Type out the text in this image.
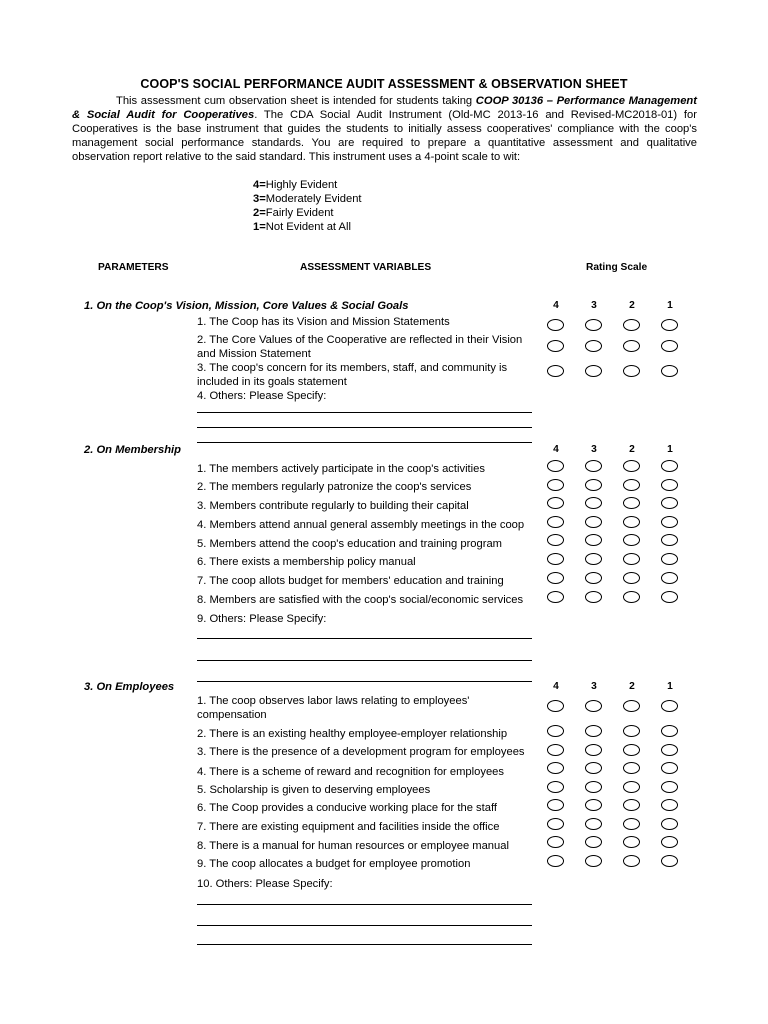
COOP'S SOCIAL PERFORMANCE AUDIT ASSESSMENT & OBSERVATION SHEET
This assessment cum observation sheet is intended for students taking COOP 30136 – Performance Management & Social Audit for Cooperatives. The CDA Social Audit Instrument (Old-MC 2013-16 and Revised-MC2018-01) for Cooperatives is the base instrument that guides the students to initially assess cooperatives' compliance with the coop's management social performance standards. You are required to prepare a quantitative assessment and qualitative observation report relative to the said standard. This instrument uses a 4-point scale to wit:
4=Highly Evident
3=Moderately Evident
2=Fairly Evident
1=Not Evident at All
PARAMETERS	ASSESSMENT VARIABLES	Rating Scale
1. On the Coop's Vision, Mission, Core Values & Social Goals	4	3	2	1
1. The Coop has its Vision and Mission Statements
2. The Core Values of the Cooperative are reflected in their Vision and Mission Statement
3. The coop's concern for its members, staff, and community is included in its goals statement
4. Others: Please Specify:
2. On Membership	4	3	2	1
1. The members actively participate in the coop's activities
2. The members regularly patronize the coop's services
3. Members contribute regularly to building their capital
4. Members attend annual general assembly meetings in the coop
5. Members attend the coop's education and training program
6. There exists a membership policy manual
7. The coop allots budget for members' education and training
8. Members are satisfied with the coop's social/economic services
9. Others: Please Specify:
3. On Employees	4	3	2	1
1. The coop observes labor laws relating to employees' compensation
2. There is an existing healthy employee-employer relationship
3. There is the presence of a development program for employees
4. There is a scheme of reward and recognition for employees
5. Scholarship is given to deserving employees
6. The Coop provides a conducive working place for the staff
7. There are existing equipment and facilities inside the office
8. There is a manual for human resources or employee manual
9. The coop allocates a budget for employee promotion
10. Others: Please Specify:
